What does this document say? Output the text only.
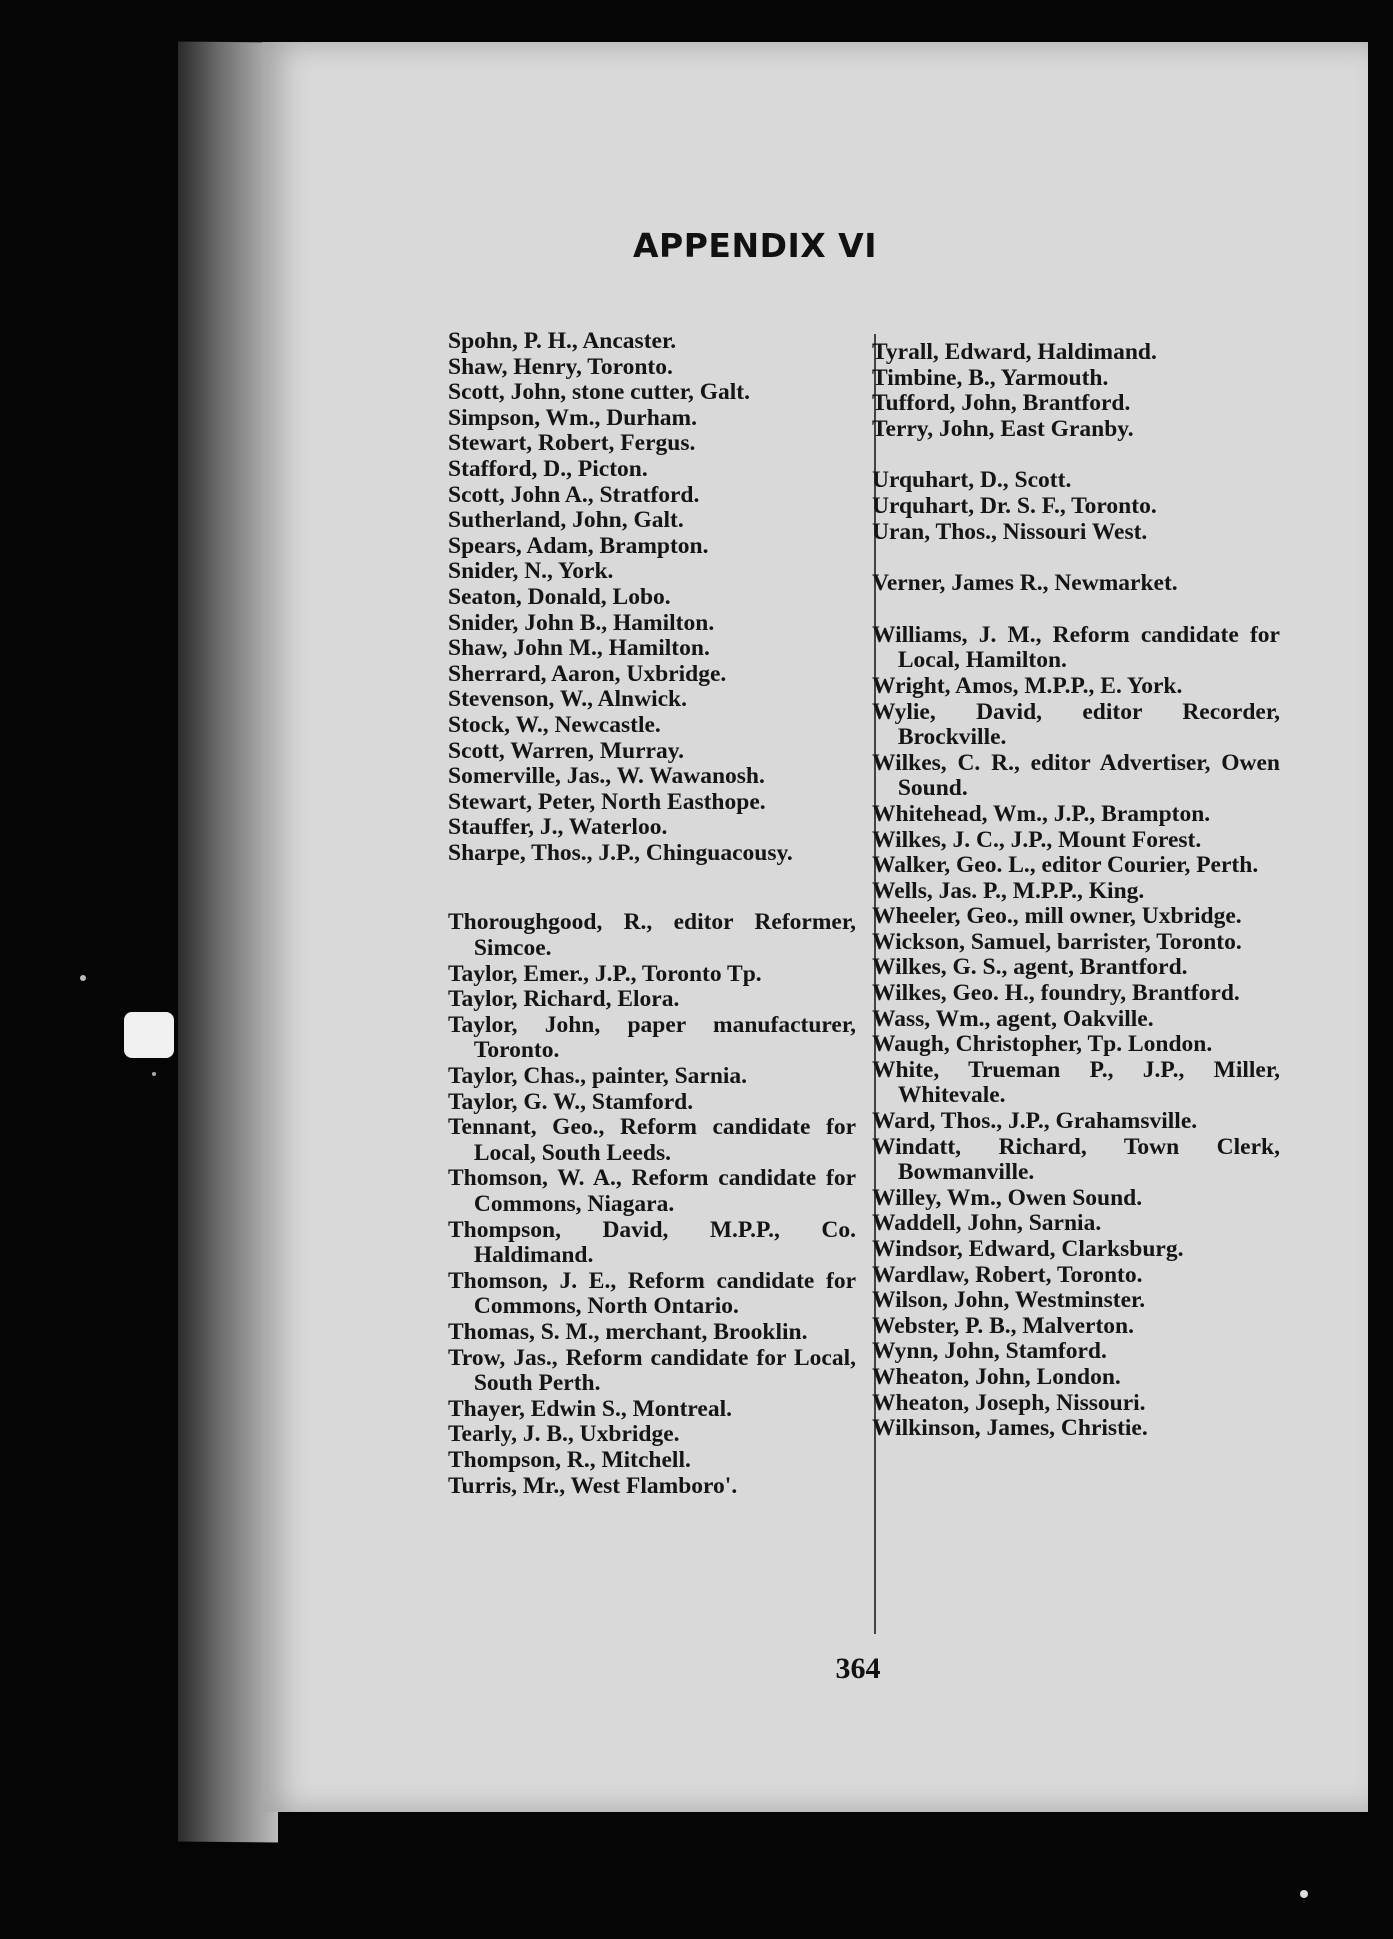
APPENDIX VI
Spohn, P. H., Ancaster.
Shaw, Henry, Toronto.
Scott, John, stone cutter, Galt.
Simpson, Wm., Durham.
Stewart, Robert, Fergus.
Stafford, D., Picton.
Scott, John A., Stratford.
Sutherland, John, Galt.
Spears, Adam, Brampton.
Snider, N., York.
Seaton, Donald, Lobo.
Snider, John B., Hamilton.
Shaw, John M., Hamilton.
Sherrard, Aaron, Uxbridge.
Stevenson, W., Alnwick.
Stock, W., Newcastle.
Scott, Warren, Murray.
Somerville, Jas., W. Wawanosh.
Stewart, Peter, North Easthope.
Stauffer, J., Waterloo.
Sharpe, Thos., J.P., Chinguacousy.
Thoroughgood, R., editor Reformer, Simcoe.
Taylor, Emer., J.P., Toronto Tp.
Taylor, Richard, Elora.
Taylor, John, paper manufacturer, Toronto.
Taylor, Chas., painter, Sarnia.
Taylor, G. W., Stamford.
Tennant, Geo., Reform candidate for Local, South Leeds.
Thomson, W. A., Reform candidate for Commons, Niagara.
Thompson, David, M.P.P., Co. Haldimand.
Thomson, J. E., Reform candidate for Commons, North Ontario.
Thomas, S. M., merchant, Brooklin.
Trow, Jas., Reform candidate for Local, South Perth.
Thayer, Edwin S., Montreal.
Tearly, J. B., Uxbridge.
Thompson, R., Mitchell.
Turris, Mr., West Flamboro'.
Tyrall, Edward, Haldimand.
Timbine, B., Yarmouth.
Tufford, John, Brantford.
Terry, John, East Granby.
Urquhart, D., Scott.
Urquhart, Dr. S. F., Toronto.
Uran, Thos., Nissouri West.
Verner, James R., Newmarket.
Williams, J. M., Reform candidate for Local, Hamilton.
Wright, Amos, M.P.P., E. York.
Wylie, David, editor Recorder, Brockville.
Wilkes, C. R., editor Advertiser, Owen Sound.
Whitehead, Wm., J.P., Brampton.
Wilkes, J. C., J.P., Mount Forest.
Walker, Geo. L., editor Courier, Perth.
Wells, Jas. P., M.P.P., King.
Wheeler, Geo., mill owner, Uxbridge.
Wickson, Samuel, barrister, Toronto.
Wilkes, G. S., agent, Brantford.
Wilkes, Geo. H., foundry, Brantford.
Wass, Wm., agent, Oakville.
Waugh, Christopher, Tp. London.
White, Trueman P., J.P., Miller, Whitevale.
Ward, Thos., J.P., Grahamsville.
Windatt, Richard, Town Clerk, Bowmanville.
Willey, Wm., Owen Sound.
Waddell, John, Sarnia.
Windsor, Edward, Clarksburg.
Wardlaw, Robert, Toronto.
Wilson, John, Westminster.
Webster, P. B., Malverton.
Wynn, John, Stamford.
Wheaton, John, London.
Wheaton, Joseph, Nissouri.
Wilkinson, James, Christie.
364
